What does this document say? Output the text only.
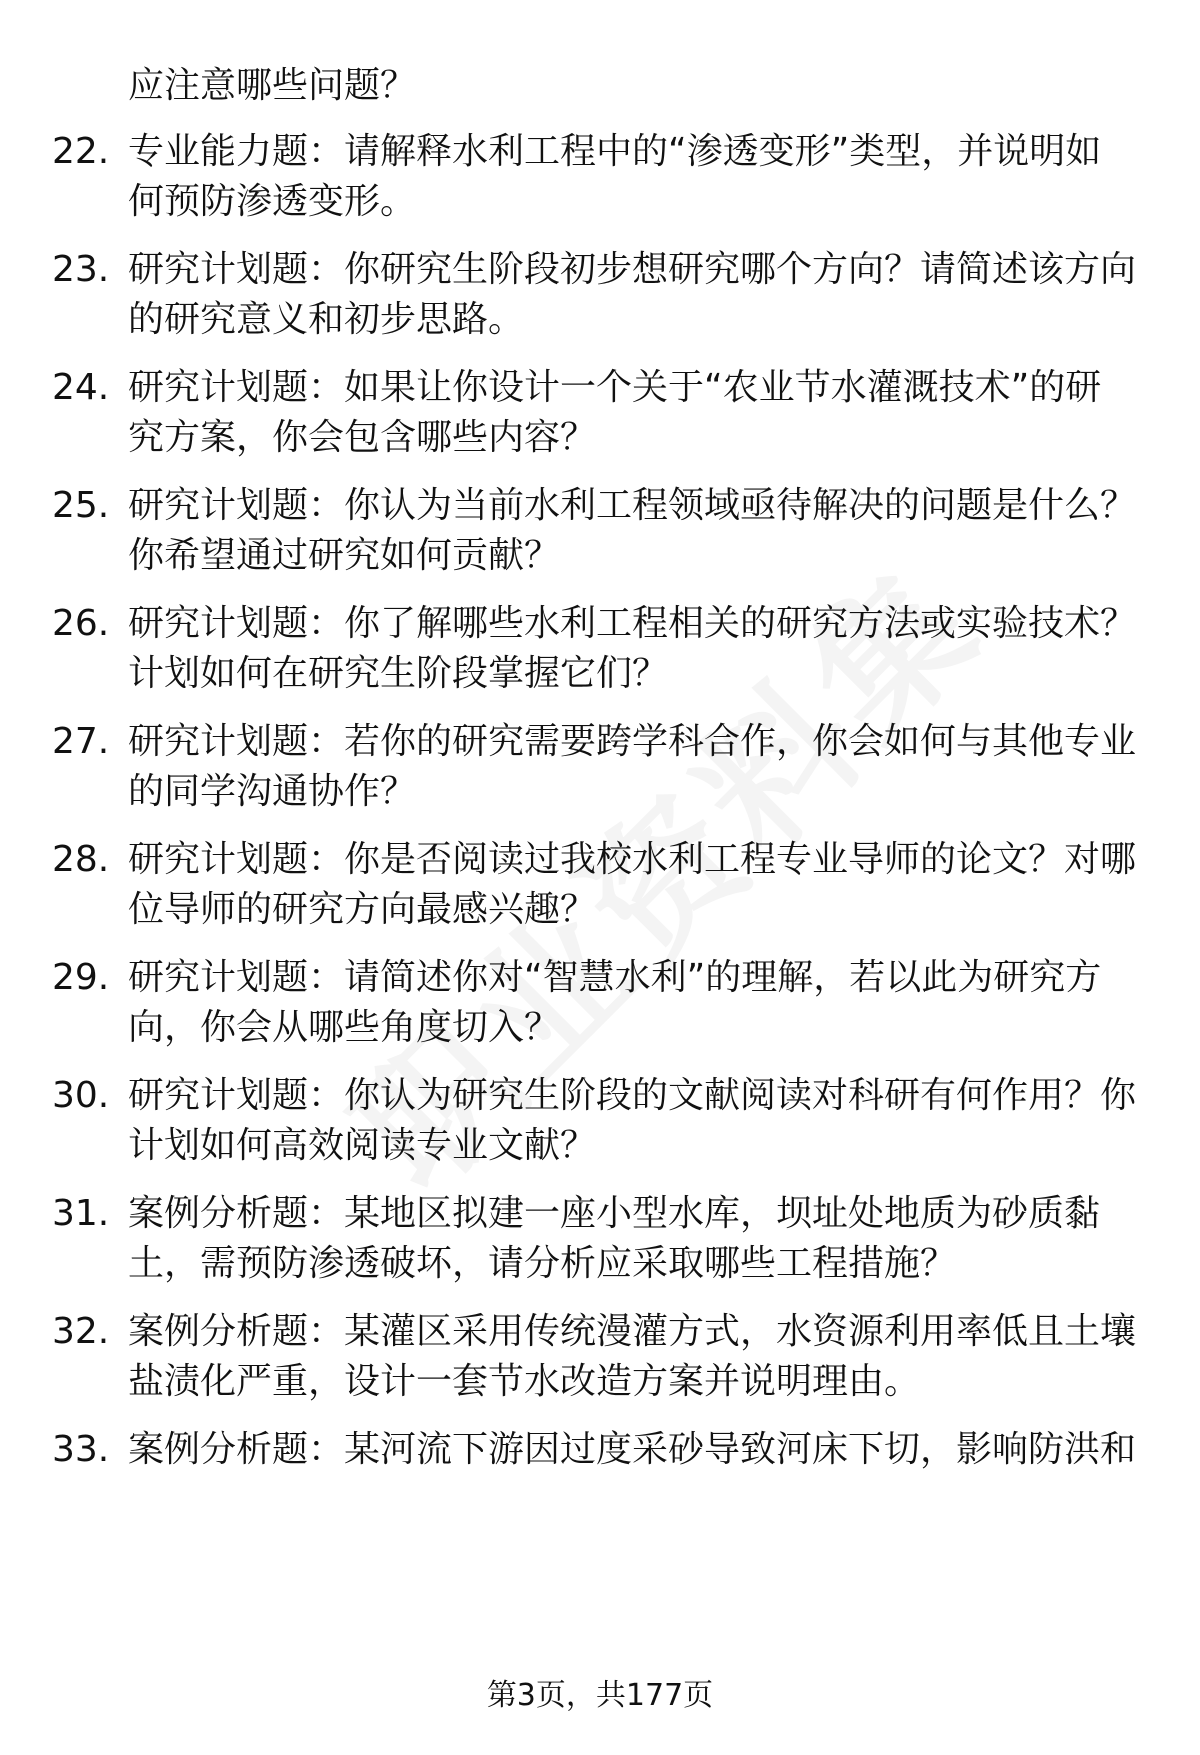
应注意哪些问题？
22. 专业能力题：请解释水利工程中的“渗透变形”类型，并说明如
何预防渗透变形。
23. 研究计划题：你研究生阶段初步想研究哪个方向？请简述该方向
的研究意义和初步思路。
24. 研究计划题：如果让你设计一个关于“农业节水灌溉技术”的研
究方案，你会包含哪些内容？
25. 研究计划题：你认为当前水利工程领域亟待解决的问题是什么？
你希望通过研究如何贡献？
26. 研究计划题：你了解哪些水利工程相关的研究方法或实验技术？
计划如何在研究生阶段掌握它们？
27. 研究计划题：若你的研究需要跨学科合作，你会如何与其他专业
的同学沟通协作？
28. 研究计划题：你是否阅读过我校水利工程专业导师的论文？对哪
位导师的研究方向最感兴趣？
29. 研究计划题：请简述你对“智慧水利”的理解，若以此为研究方
向，你会从哪些角度切入？
30. 研究计划题：你认为研究生阶段的文献阅读对科研有何作用？你
计划如何高效阅读专业文献？
31. 案例分析题：某地区拟建一座小型水库，坝址处地质为砂质黏
土，需预防渗透破坏，请分析应采取哪些工程措施？
32. 案例分析题：某灌区采用传统漫灌方式，水资源利用率低且土壤
盐渍化严重，设计一套节水改造方案并说明理由。
33. 案例分析题：某河流下游因过度采砂导致河床下切，影响防洪和
第3页，共177页
